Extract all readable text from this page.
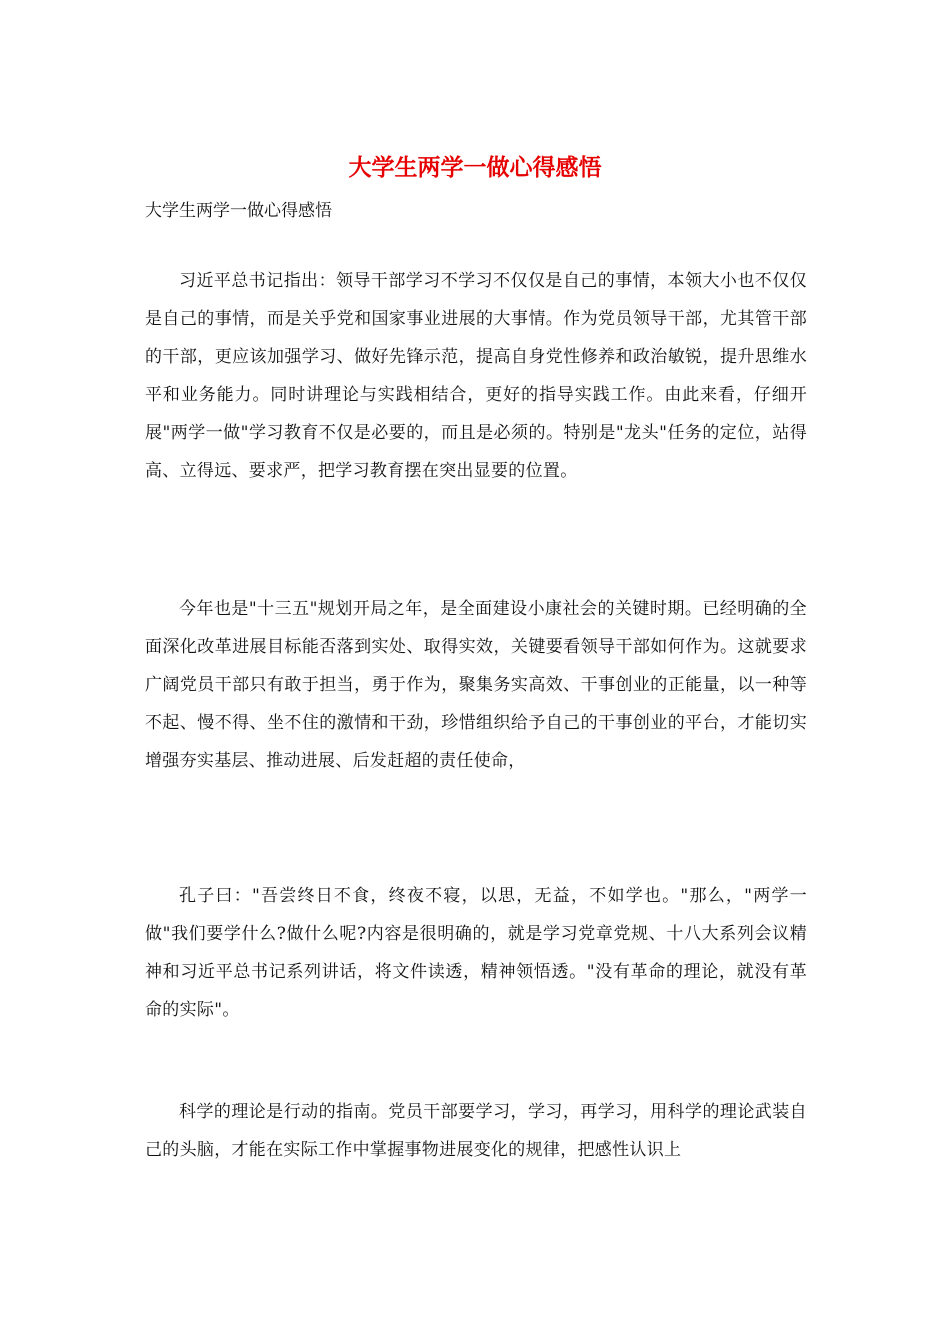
大学生两学一做心得感悟

大学生两学一做心得感悟

习近平总书记指出：领导干部学习不学习不仅仅是自己的事情，本领大小也不仅仅是自己的事情，而是关乎党和国家事业进展的大事情。作为党员领导干部，尤其管干部的干部，更应该加强学习、做好先锋示范，提高自身党性修养和政治敏锐，提升思维水平和业务能力。同时讲理论与实践相结合，更好的指导实践工作。由此来看，仔细开展"两学一做"学习教育不仅是必要的，而且是必须的。特别是"龙头"任务的定位，站得高、立得远、要求严，把学习教育摆在突出显要的位置。

今年也是"十三五"规划开局之年，是全面建设小康社会的关键时期。已经明确的全面深化改革进展目标能否落到实处、取得实效，关键要看领导干部如何作为。这就要求广阔党员干部只有敢于担当，勇于作为，聚集务实高效、干事创业的正能量，以一种等不起、慢不得、坐不住的激情和干劲，珍惜组织给予自己的干事创业的平台，才能切实增强夯实基层、推动进展、后发赶超的责任使命，

孔子曰："吾尝终日不食，终夜不寝，以思，无益，不如学也。"那么，"两学一做"我们要学什么?做什么呢?内容是很明确的，就是学习党章党规、十八大系列会议精神和习近平总书记系列讲话，将文件读透，精神领悟透。"没有革命的理论，就没有革命的实际"。

科学的理论是行动的指南。党员干部要学习，学习，再学习，用科学的理论武装自己的头脑，才能在实际工作中掌握事物进展变化的规律，把感性认识上
